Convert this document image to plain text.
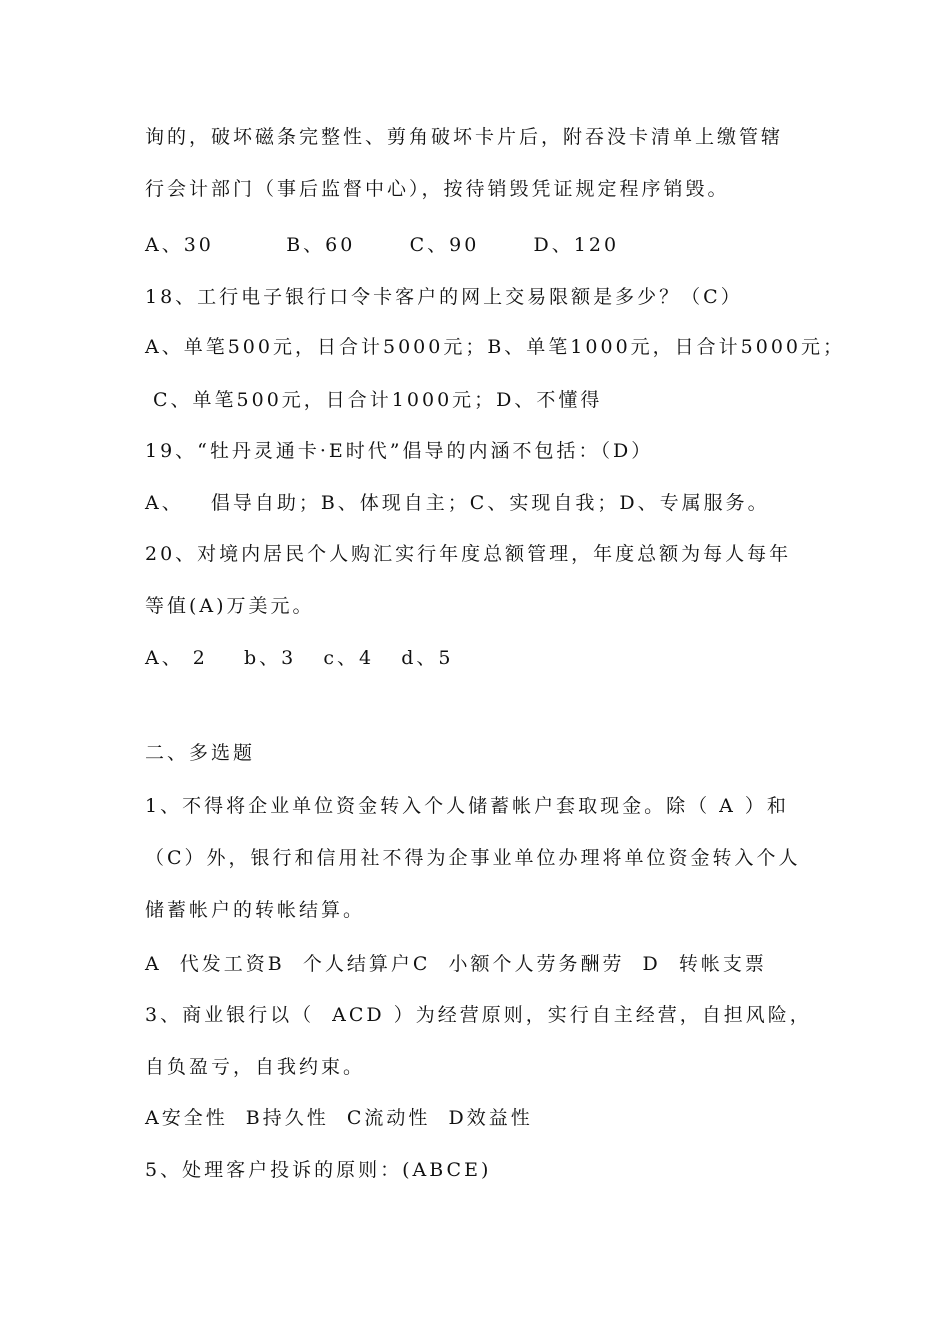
询的，破坏磁条完整性、剪角破坏卡片后，附吞没卡清单上缴管辖
行会计部门（事后监督中心），按待销毁凭证规定程序销毁。
A、30        B、60      C、90      D、120
18、工行电子银行口令卡客户的网上交易限额是多少？（C）
A、单笔500元，日合计5000元；B、单笔1000元，日合计5000元；
C、单笔500元，日合计1000元；D、不懂得
19、“牡丹灵通卡·E时代”倡导的内涵不包括：（D）
A、   倡导自助；B、体现自主；C、实现自我；D、专属服务。
20、对境内居民个人购汇实行年度总额管理，年度总额为每人每年
等值(A)万美元。
A、 2    b、3   c、4   d、5
二、多选题
1、不得将企业单位资金转入个人储蓄帐户套取现金。除（ A ）和
（C）外，银行和信用社不得为企事业单位办理将单位资金转入个人
储蓄帐户的转帐结算。
A  代发工资B  个人结算户C  小额个人劳务酬劳  D  转帐支票
3、商业银行以（  ACD ）为经营原则，实行自主经营，自担风险，
自负盈亏，自我约束。
A安全性  B持久性  C流动性  D效益性
5、处理客户投诉的原则：(ABCE)
